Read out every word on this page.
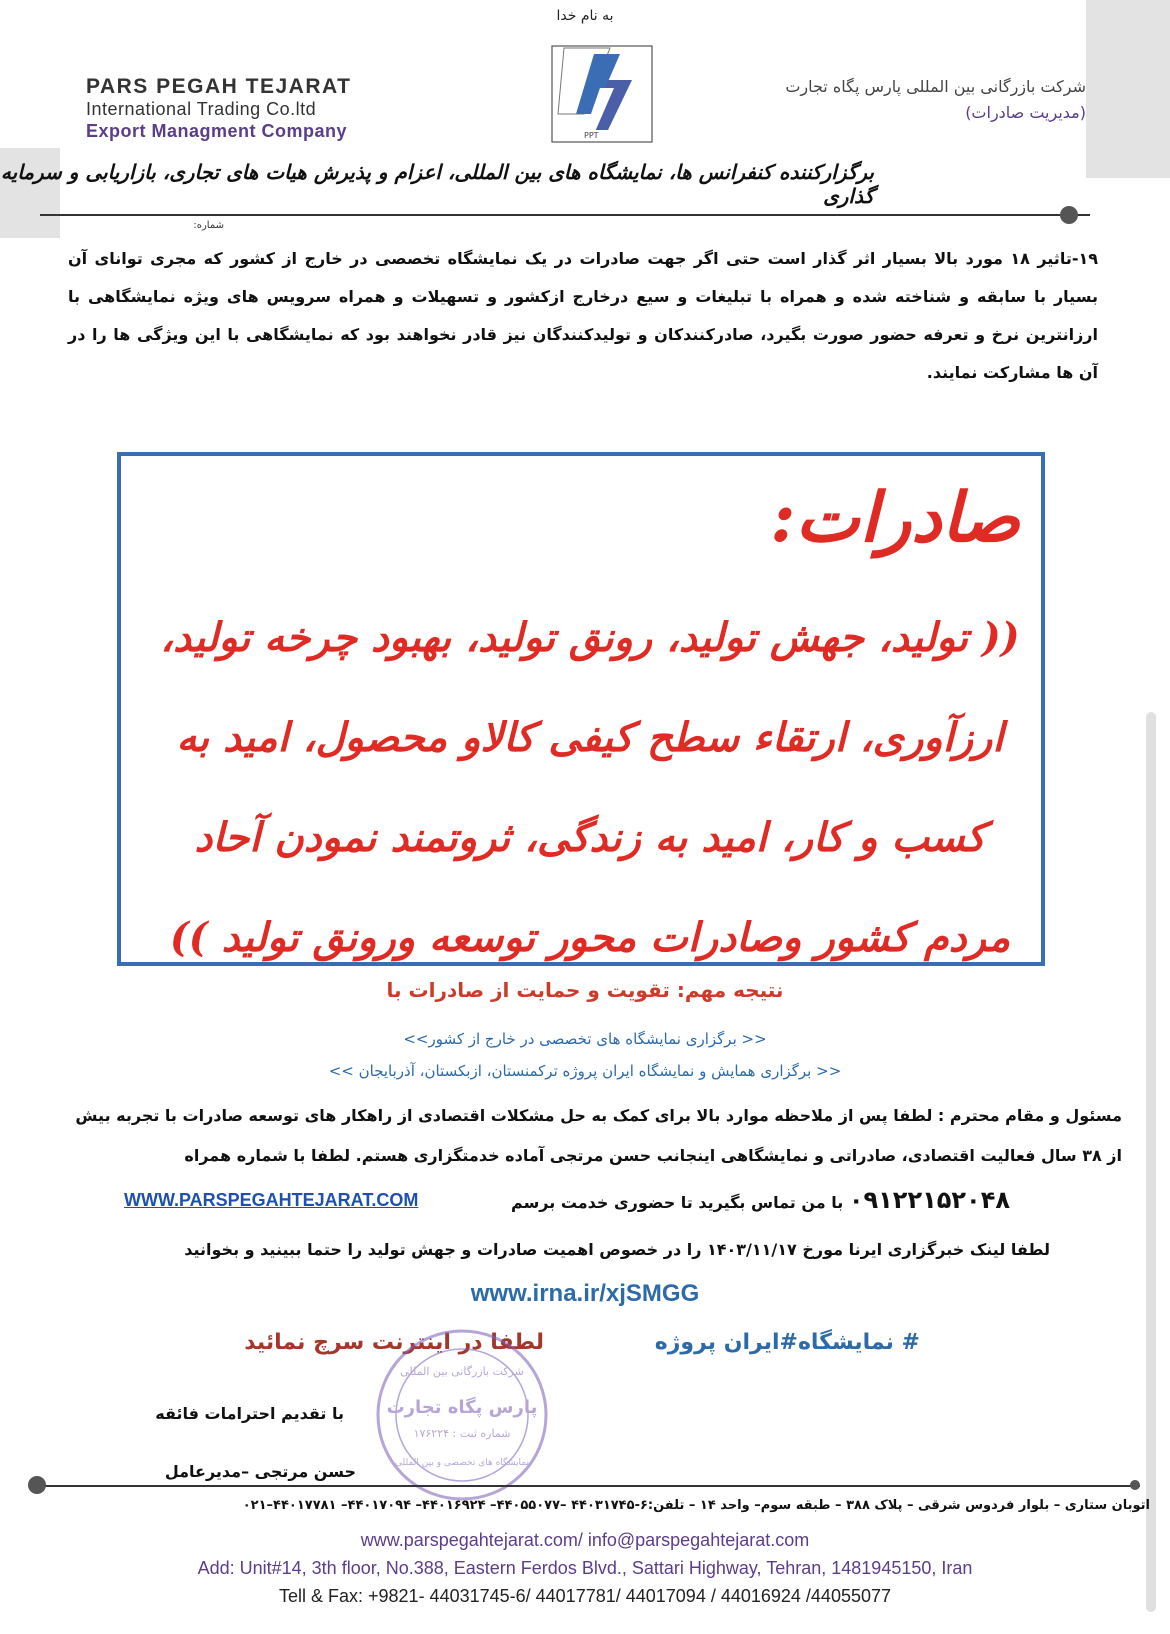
به نام خدا
PARS PEGAH TEJARAT
International Trading Co.ltd
Export Managment Company	PPT
شرکت بازرگانی بین المللی پارس پگاه تجارت
(مدیریت صادرات)
برگزارکننده کنفرانس ها، نمایشگاه های بین المللی، اعزام و پذیرش هیات های تجاری، بازاریابی و سرمایه گذاری
شماره:
۱۹-تاثیر ۱۸ مورد بالا بسیار اثر گذار است حتی اگر جهت صادرات در یک نمایشگاه تخصصی در خارج از کشور که مجری توانای آن بسیار با سابقه و شناخته شده و همراه با تبلیغات و سیع درخارج ازکشور و تسهیلات و همراه سرویس های ویژه نمایشگاهی با ارزانترین نرخ و تعرفه حضور صورت بگیرد، صادرکنندکان و تولیدکنندگان نیز قادر نخواهند بود که نمایشگاهی با این ویژگی ها را در آن ها مشارکت نمایند.
صادرات:
(( تولید، جهش تولید، رونق تولید، بهبود چرخه تولید، ارزآوری، ارتقاء سطح کیفی کالاو محصول، امید به کسب و کار، امید به زندگی، ثروتمند نمودن آحاد مردم کشور وصادرات محور توسعه ورونق تولید ))
نتیجه مهم: تقویت و حمایت از صادرات با
<< برگزاری نمایشگاه های تخصصی در خارج از کشور>>
<< برگزاری همایش و نمایشگاه ایران پروژه ترکمنستان، ازبکستان، آذربایجان >>
مسئول و مقام محترم : لطفا پس از ملاحظه موارد بالا برای کمک به حل مشکلات اقتصادی از راهکار های توسعه صادرات با تجربه بیش از ۳۸ سال فعالیت اقتصادی، صادراتی و نمایشگاهی اینجانب حسن مرتجی آماده خدمتگزاری هستم. لطفا با شماره همراه
۰۹۱۲۲۱۵۲۰۴۸ با من تماس بگیرید تا حضوری خدمت برسم
WWW.PARSPEGAHTEJARAT.COM
لطفا لینک خبرگزاری ایرنا مورخ ۱۴۰۳/۱۱/۱۷ را در خصوص اهمیت صادرات و جهش تولید را حتما ببینید و بخوانید
www.irna.ir/xjSMGG
# نمایشگاه#ایران پروژه
لطفا در اینترنت سرچ نمائید
با تقدیم احترامات فائقه
حسن مرتجی –مدیرعامل
شرکت بازرگانی بین المللی
پارس پگاه تجارت
شماره ثبت : ۱۷۶۲۲۴
نمایشگاه های تخصصی و بین المللی
اتوبان ستاری – بلوار فردوس شرقی – پلاک ۳۸۸ – طبقه سوم– واحد ۱۴ – تلفن:۶-۴۴۰۳۱۷۴۵ –۴۴۰۵۵۰۷۷– ۴۴۰۱۶۹۲۴– ۴۴۰۱۷۰۹۴– ۴۴۰۱۷۷۸۱–۰۲۱
www.parspegahtejarat.com/ info@parspegahtejarat.com
Add: Unit#14, 3th floor, No.388, Eastern Ferdos Blvd., Sattari Highway, Tehran, 1481945150, Iran
Tell & Fax: +9821- 44031745-6/ 44017781/ 44017094 / 44016924 /44055077
